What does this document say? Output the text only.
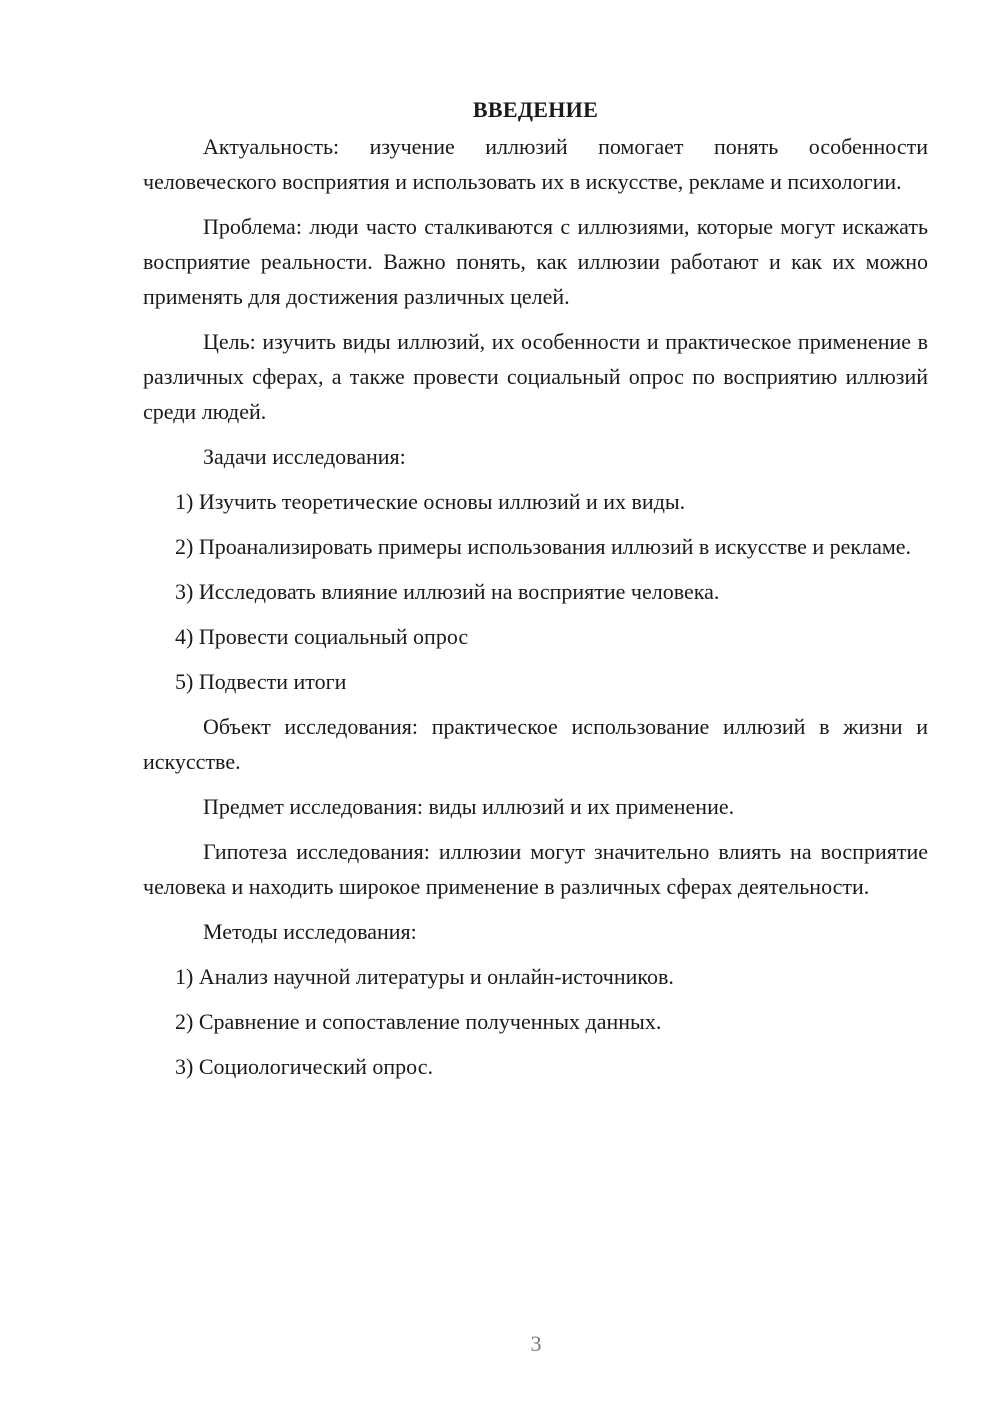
ВВЕДЕНИЕ

Актуальность: изучение иллюзий помогает понять особенности человеческого восприятия и использовать их в искусстве, рекламе и психологии.

Проблема: люди часто сталкиваются с иллюзиями, которые могут искажать восприятие реальности. Важно понять, как иллюзии работают и как их можно применять для достижения различных целей.

Цель: изучить виды иллюзий, их особенности и практическое применение в различных сферах, а также провести социальный опрос по восприятию иллюзий среди людей.

Задачи исследования:

1) Изучить теоретические основы иллюзий и их виды.

2) Проанализировать примеры использования иллюзий в искусстве и рекламе.

3) Исследовать влияние иллюзий на восприятие человека.

4) Провести социальный опрос

5) Подвести итоги

Объект исследования: практическое использование иллюзий в жизни и искусстве.

Предмет исследования: виды иллюзий и их применение.

Гипотеза исследования: иллюзии могут значительно влиять на восприятие человека и находить широкое применение в различных сферах деятельности.

Методы исследования:

1) Анализ научной литературы и онлайн-источников.

2) Сравнение и сопоставление полученных данных.

3) Социологический опрос.

3
